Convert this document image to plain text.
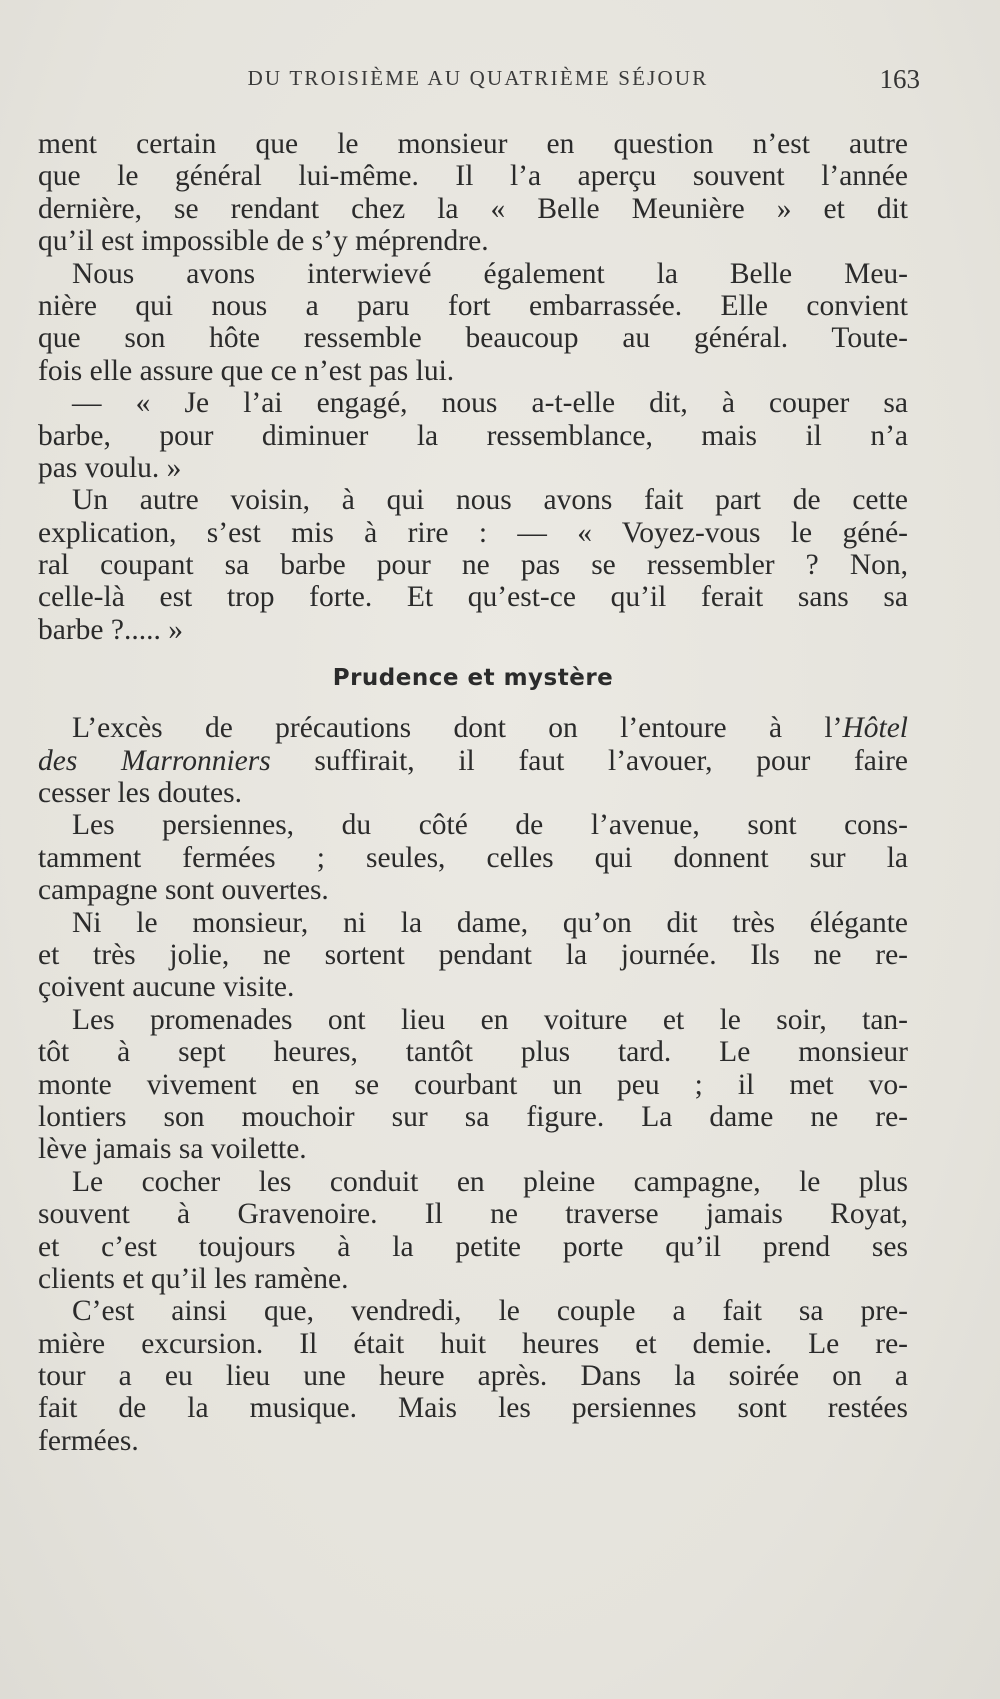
DU TROISIÈME AU QUATRIÈME SÉJOUR	163
ment certain que le monsieur en question n’est autre
que le général lui-même. Il l’a aperçu souvent l’année
dernière, se rendant chez la « Belle Meunière » et dit
qu’il est impossible de s’y méprendre.
Nous avons interwievé également la Belle Meu-
nière qui nous a paru fort embarrassée. Elle convient
que son hôte ressemble beaucoup au général. Toute-
fois elle assure que ce n’est pas lui.
— « Je l’ai engagé, nous a-t-elle dit, à couper sa
barbe, pour diminuer la ressemblance, mais il n’a
pas voulu. »
Un autre voisin, à qui nous avons fait part de cette
explication, s’est mis à rire : — « Voyez-vous le géné-
ral coupant sa barbe pour ne pas se ressembler ? Non,
celle-là est trop forte. Et qu’est-ce qu’il ferait sans sa
barbe ?..... »
Prudence et mystère
L’excès de précautions dont on l’entoure à l’Hôtel
des Marronniers suffirait, il faut l’avouer, pour faire
cesser les doutes.
Les persiennes, du côté de l’avenue, sont cons-
tamment fermées ; seules, celles qui donnent sur la
campagne sont ouvertes.
Ni le monsieur, ni la dame, qu’on dit très élégante
et très jolie, ne sortent pendant la journée. Ils ne re-
çoivent aucune visite.
Les promenades ont lieu en voiture et le soir, tan-
tôt à sept heures, tantôt plus tard. Le monsieur
monte vivement en se courbant un peu ; il met vo-
lontiers son mouchoir sur sa figure. La dame ne re-
lève jamais sa voilette.
Le cocher les conduit en pleine campagne, le plus
souvent à Gravenoire. Il ne traverse jamais Royat,
et c’est toujours à la petite porte qu’il prend ses
clients et qu’il les ramène.
C’est ainsi que, vendredi, le couple a fait sa pre-
mière excursion. Il était huit heures et demie. Le re-
tour a eu lieu une heure après. Dans la soirée on a
fait de la musique. Mais les persiennes sont restées
fermées.
